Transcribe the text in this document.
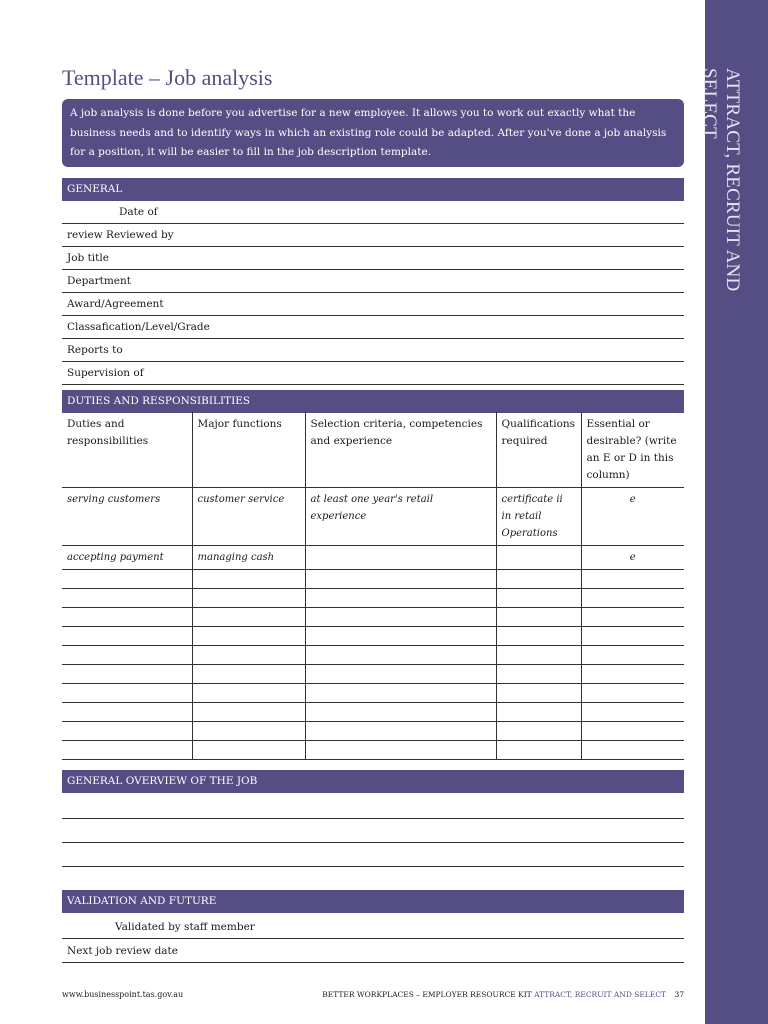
ATTRACT, RECRUIT AND SELECT
Template – Job analysis
A job analysis is done before you advertise for a new employee. It allows you to work out exactly what the business needs and to identify ways in which an existing role could be adapted. After you've done a job analysis for a position, it will be easier to fill in the job description template.
GENERAL
Date of
review Reviewed by
Job title
Department
Award/Agreement
Classafication/Level/Grade
Reports to
Supervision of
DUTIES AND RESPONSIBILITIES
Duties and responsibilities	Major functions	Selection criteria, competencies and experience	Qualifications required	Essential or desirable? (write an E or D in this column)
serving customers	customer service	at least one year's retail experience	certificate ii in retail Operations	e
accepting payment	managing cash			e

GENERAL OVERVIEW OF THE JOB
VALIDATION AND FUTURE
Validated by staff member
Next job review date
www.businesspoint.tas.gov.au	BETTER WORKPLACES – EMPLOYER RESOURCE KIT ATTRACT, RECRUIT AND SELECT 37
